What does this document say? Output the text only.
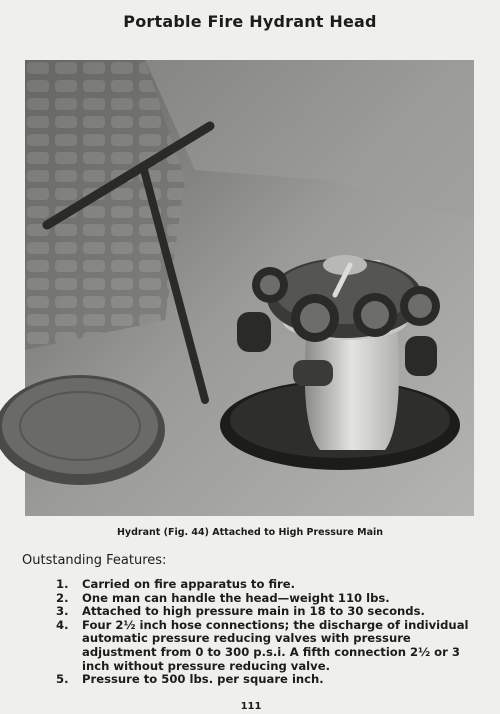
Portable Fire Hydrant Head
Hydrant (Fig. 44) Attached to High Pressure Main
Outstanding Features:
1.	Carried on fire apparatus to fire.
2.	One man can handle the head—weight 110 lbs.
3.	Attached to high pressure main in 18 to 30 seconds.
4.	Four 2½ inch hose connections; the discharge of individual automatic pressure reducing valves with pressure adjustment from 0 to 300 p.s.i. A fifth connection 2½ or 3 inch without pressure reducing valve.
5.	Pressure to 500 lbs. per square inch.
111
